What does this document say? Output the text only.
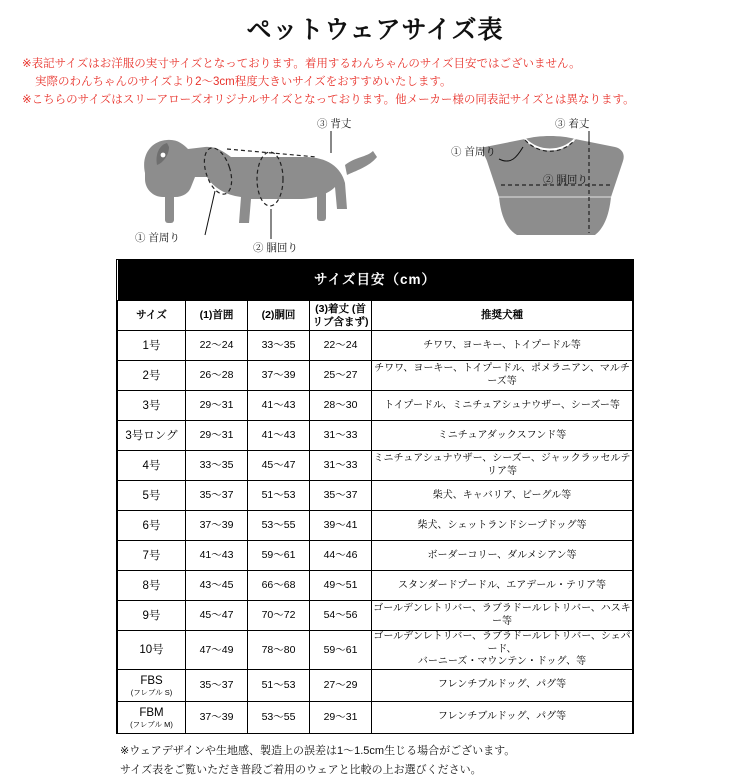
ペットウェアサイズ表
※表記サイズはお洋服の実寸サイズとなっております。着用するわんちゃんのサイズ目安ではございません。
実際のわんちゃんのサイズより2〜3cm程度大きいサイズをおすすめいたします。
※こちらのサイズはスリーアローズオリジナルサイズとなっております。他メーカー様の同表記サイズとは異なります。
③ 背丈
① 首周り
② 胴回り
③ 着丈
① 首周り
② 胴回り
サイズ目安（cm）				
サイズ	(1)首囲	(2)胴回	(3)着丈 (首リブ含まず)	推奨犬種
1号	22〜24	33〜35	22〜24	チワワ、ヨーキー、トイプードル等
2号	26〜28	37〜39	25〜27	チワワ、ヨーキー、トイプードル、ポメラニアン、マルチーズ等
3号	29〜31	41〜43	28〜30	トイプードル、ミニチュアシュナウザー、シーズー等
3号ロング	29〜31	41〜43	31〜33	ミニチュアダックスフンド等
4号	33〜35	45〜47	31〜33	ミニチュアシュナウザー、シーズー、ジャックラッセルテリア等
5号	35〜37	51〜53	35〜37	柴犬、キャバリア、ビーグル等
6号	37〜39	53〜55	39〜41	柴犬、シェットランドシープドッグ等
7号	41〜43	59〜61	44〜46	ボーダーコリー、ダルメシアン等
8号	43〜45	66〜68	49〜51	スタンダードプードル、エアデール・テリア等
9号	45〜47	70〜72	54〜56	ゴールデンレトリバー、ラブラドールレトリバー、ハスキー等
10号	47〜49	78〜80	59〜61	ゴールデンレトリバー、ラブラドールレトリバー、シェパード、
バーニーズ・マウンテン・ドッグ、等

FBS
(フレブル S)	35〜37	51〜53	27〜29	フレンチブルドッグ、パグ等
FBM
(フレブル M)	37〜39	53〜55	29〜31	フレンチブルドッグ、パグ等
※ウェアデザインや生地感、製造上の誤差は1〜1.5cm生じる場合がございます。
サイズ表をご覧いただき普段ご着用のウェアと比較の上お選びください。
